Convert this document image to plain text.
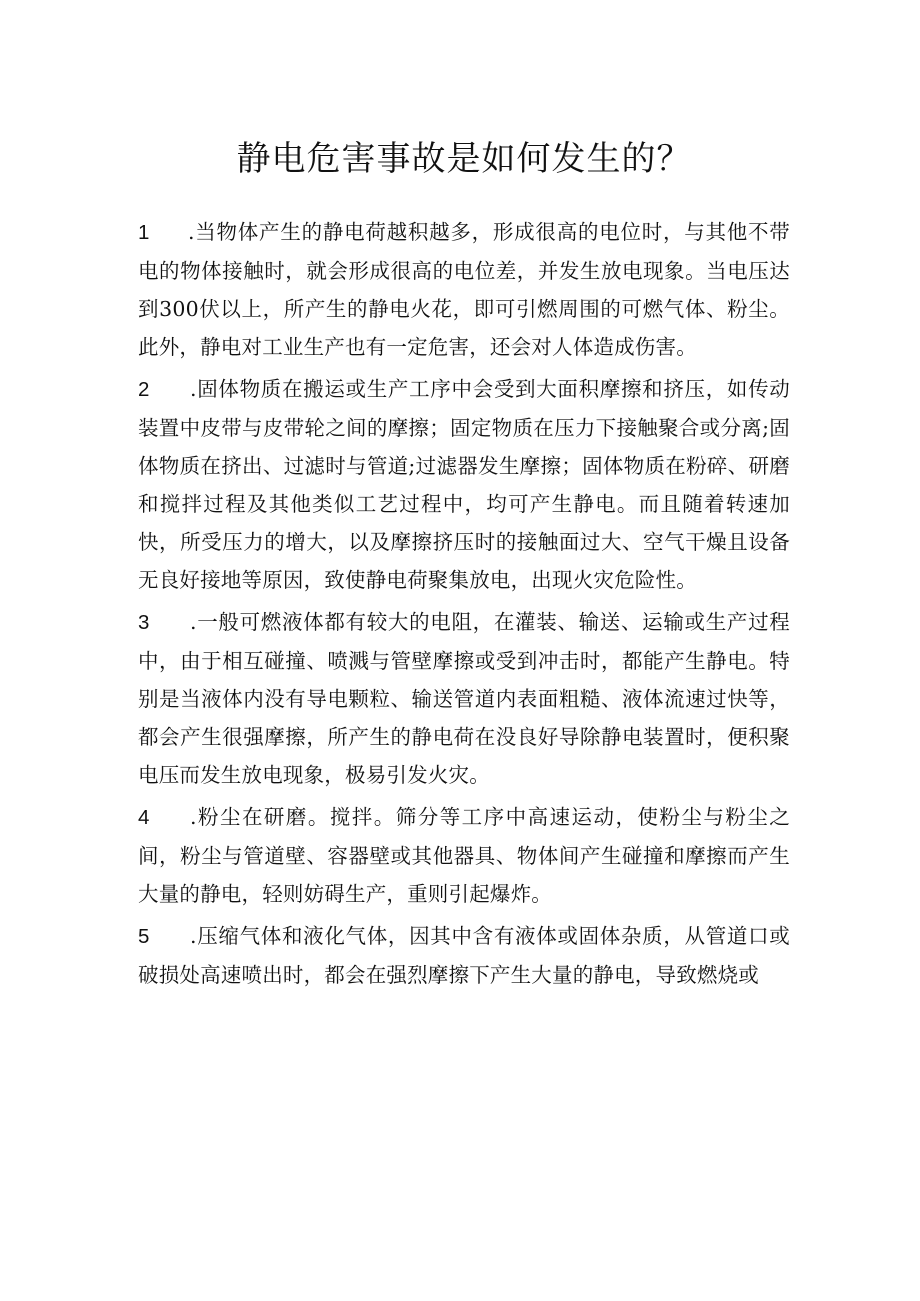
静电危害事故是如何发生的？

1 .当物体产生的静电荷越积越多，形成很高的电位时，与其他不带电的物体接触时，就会形成很高的电位差，并发生放电现象。当电压达到300伏以上，所产生的静电火花，即可引燃周围的可燃气体、粉尘。此外，静电对工业生产也有一定危害，还会对人体造成伤害。

2 .固体物质在搬运或生产工序中会受到大面积摩擦和挤压，如传动装置中皮带与皮带轮之间的摩擦；固定物质在压力下接触聚合或分离;固体物质在挤出、过滤时与管道;过滤器发生摩擦；固体物质在粉碎、研磨和搅拌过程及其他类似工艺过程中，均可产生静电。而且随着转速加快，所受压力的增大，以及摩擦挤压时的接触面过大、空气干燥且设备无良好接地等原因，致使静电荷聚集放电，出现火灾危险性。

3 .一般可燃液体都有较大的电阻，在灌装、输送、运输或生产过程中，由于相互碰撞、喷溅与管壁摩擦或受到冲击时，都能产生静电。特别是当液体内没有导电颗粒、输送管道内表面粗糙、液体流速过快等，都会产生很强摩擦，所产生的静电荷在没良好导除静电装置时，便积聚电压而发生放电现象，极易引发火灾。

4 .粉尘在研磨。搅拌。筛分等工序中高速运动，使粉尘与粉尘之间，粉尘与管道壁、容器壁或其他器具、物体间产生碰撞和摩擦而产生大量的静电，轻则妨碍生产，重则引起爆炸。

5 .压缩气体和液化气体，因其中含有液体或固体杂质，从管道口或破损处高速喷出时，都会在强烈摩擦下产生大量的静电，导致燃烧或
